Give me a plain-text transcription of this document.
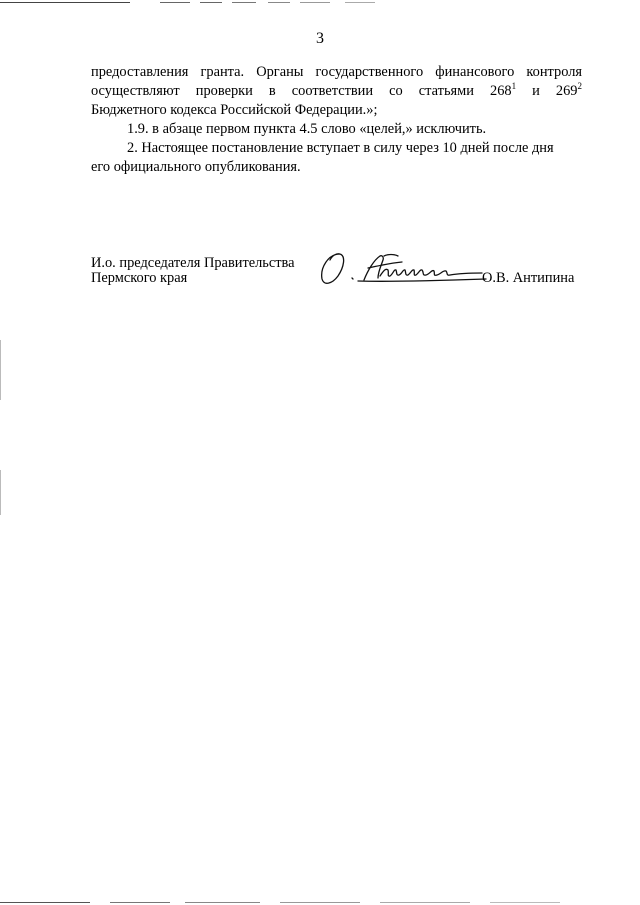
3
предоставления гранта. Органы государственного финансового контроля
осуществляют проверки в соответствии со статьями $268^1$ и $269^2$
Бюджетного кодекса Российской Федерации.»;
1.9. в абзаце первом пункта 4.5 слово «целей,» исключить.
2. Настоящее постановление вступает в силу через 10 дней после дня
его официального опубликования.
И.о. председателя Правительства
Пермского края	О.В. Антипина
